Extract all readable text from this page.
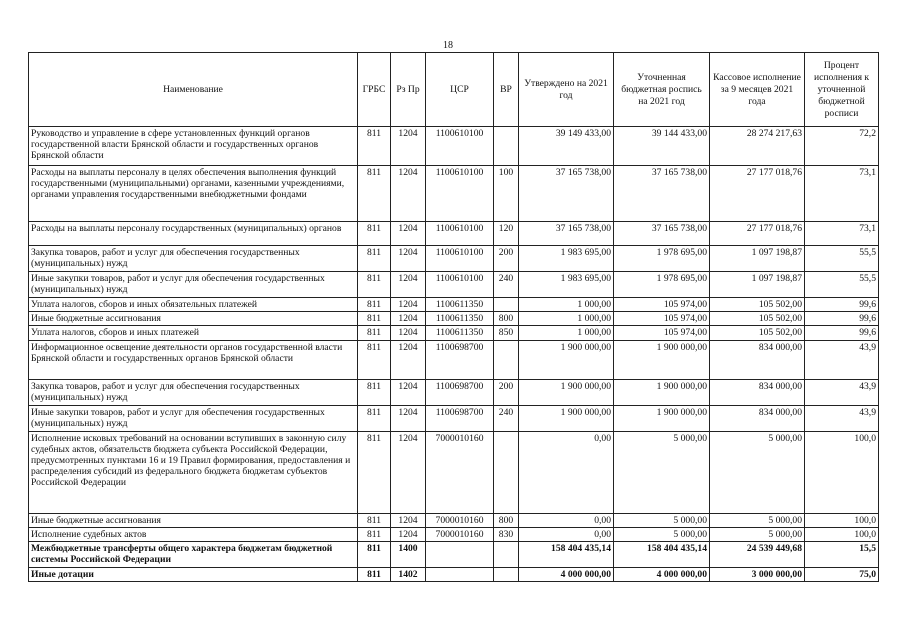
18
Наименование	ГРБС	Рз Пр	ЦСР	ВР	Утверждено на 2021 год	Уточненная бюджетная роспись на 2021 год	Кассовое исполнение за 9 месяцев 2021 года	Процент исполнения к уточненной бюджетной росписи
Руководство и управление в сфере установленных функций органов государственной власти Брянской области и государственных органов Брянской области	811	1204	1100610100		39 149 433,00	39 144 433,00	28 274 217,63	72,2
Расходы на выплаты персоналу в целях обеспечения выполнения функций государственными (муниципальными) органами, казенными учреждениями, органами управления государственными внебюджетными фондами	811	1204	1100610100	100	37 165 738,00	37 165 738,00	27 177 018,76	73,1
Расходы на выплаты персоналу государственных (муниципальных) органов	811	1204	1100610100	120	37 165 738,00	37 165 738,00	27 177 018,76	73,1
Закупка товаров, работ и услуг для обеспечения государственных (муниципальных) нужд	811	1204	1100610100	200	1 983 695,00	1 978 695,00	1 097 198,87	55,5
Иные закупки товаров, работ и услуг для обеспечения государственных (муниципальных) нужд	811	1204	1100610100	240	1 983 695,00	1 978 695,00	1 097 198,87	55,5
Уплата налогов, сборов и иных обязательных платежей	811	1204	1100611350		1 000,00	105 974,00	105 502,00	99,6
Иные бюджетные ассигнования	811	1204	1100611350	800	1 000,00	105 974,00	105 502,00	99,6
Уплата налогов, сборов и иных платежей	811	1204	1100611350	850	1 000,00	105 974,00	105 502,00	99,6
Информационное освещение деятельности органов государственной власти Брянской области и государственных органов Брянской области	811	1204	1100698700		1 900 000,00	1 900 000,00	834 000,00	43,9
Закупка товаров, работ и услуг для обеспечения государственных (муниципальных) нужд	811	1204	1100698700	200	1 900 000,00	1 900 000,00	834 000,00	43,9
Иные закупки товаров, работ и услуг для обеспечения государственных (муниципальных) нужд	811	1204	1100698700	240	1 900 000,00	1 900 000,00	834 000,00	43,9
Исполнение исковых требований на основании вступивших в законную силу судебных актов, обязательств бюджета субъекта Российской Федерации, предусмотренных пунктами 16 и 19 Правил формирования, предоставления и распределения субсидий из федерального бюджета бюджетам субъектов Российской Федерации	811	1204	7000010160		0,00	5 000,00	5 000,00	100,0
Иные бюджетные ассигнования	811	1204	7000010160	800	0,00	5 000,00	5 000,00	100,0
Исполнение судебных актов	811	1204	7000010160	830	0,00	5 000,00	5 000,00	100,0
Межбюджетные трансферты общего характера бюджетам бюджетной системы Российской Федерации	811	1400			158 404 435,14	158 404 435,14	24 539 449,68	15,5
Иные дотации	811	1402			4 000 000,00	4 000 000,00	3 000 000,00	75,0
